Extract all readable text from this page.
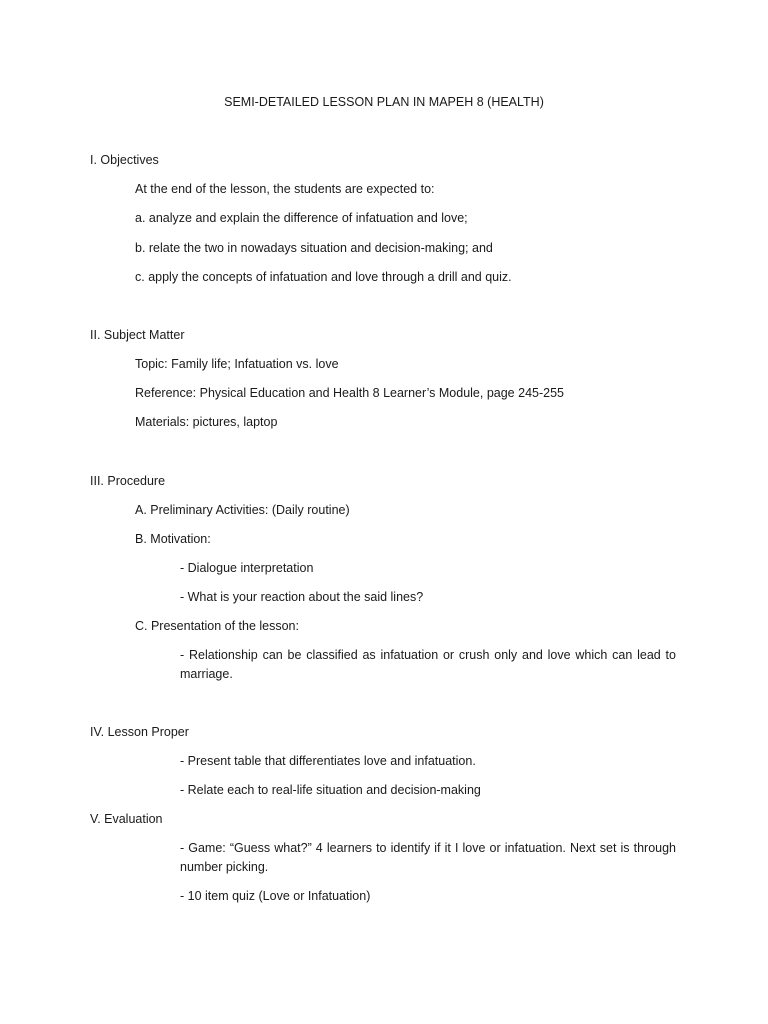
SEMI-DETAILED LESSON PLAN IN MAPEH 8 (HEALTH)
I. Objectives
At the end of the lesson, the students are expected to:
a. analyze and explain the difference of infatuation and love;
b. relate the two in nowadays situation and decision-making; and
c. apply the concepts of infatuation and love through a drill and quiz.
II. Subject Matter
Topic: Family life; Infatuation vs. love
Reference: Physical Education and Health 8 Learner’s Module, page 245-255
Materials: pictures, laptop
III. Procedure
A. Preliminary Activities: (Daily routine)
B. Motivation:
- Dialogue interpretation
- What is your reaction about the said lines?
C. Presentation of the lesson:
- Relationship can be classified as infatuation or crush only and love which can lead to marriage.
IV. Lesson Proper
- Present table that differentiates love and infatuation.
- Relate each to real-life situation and decision-making
V. Evaluation
- Game: “Guess what?” 4 learners to identify if it I love or infatuation. Next set is through number picking.
- 10 item quiz (Love or Infatuation)
